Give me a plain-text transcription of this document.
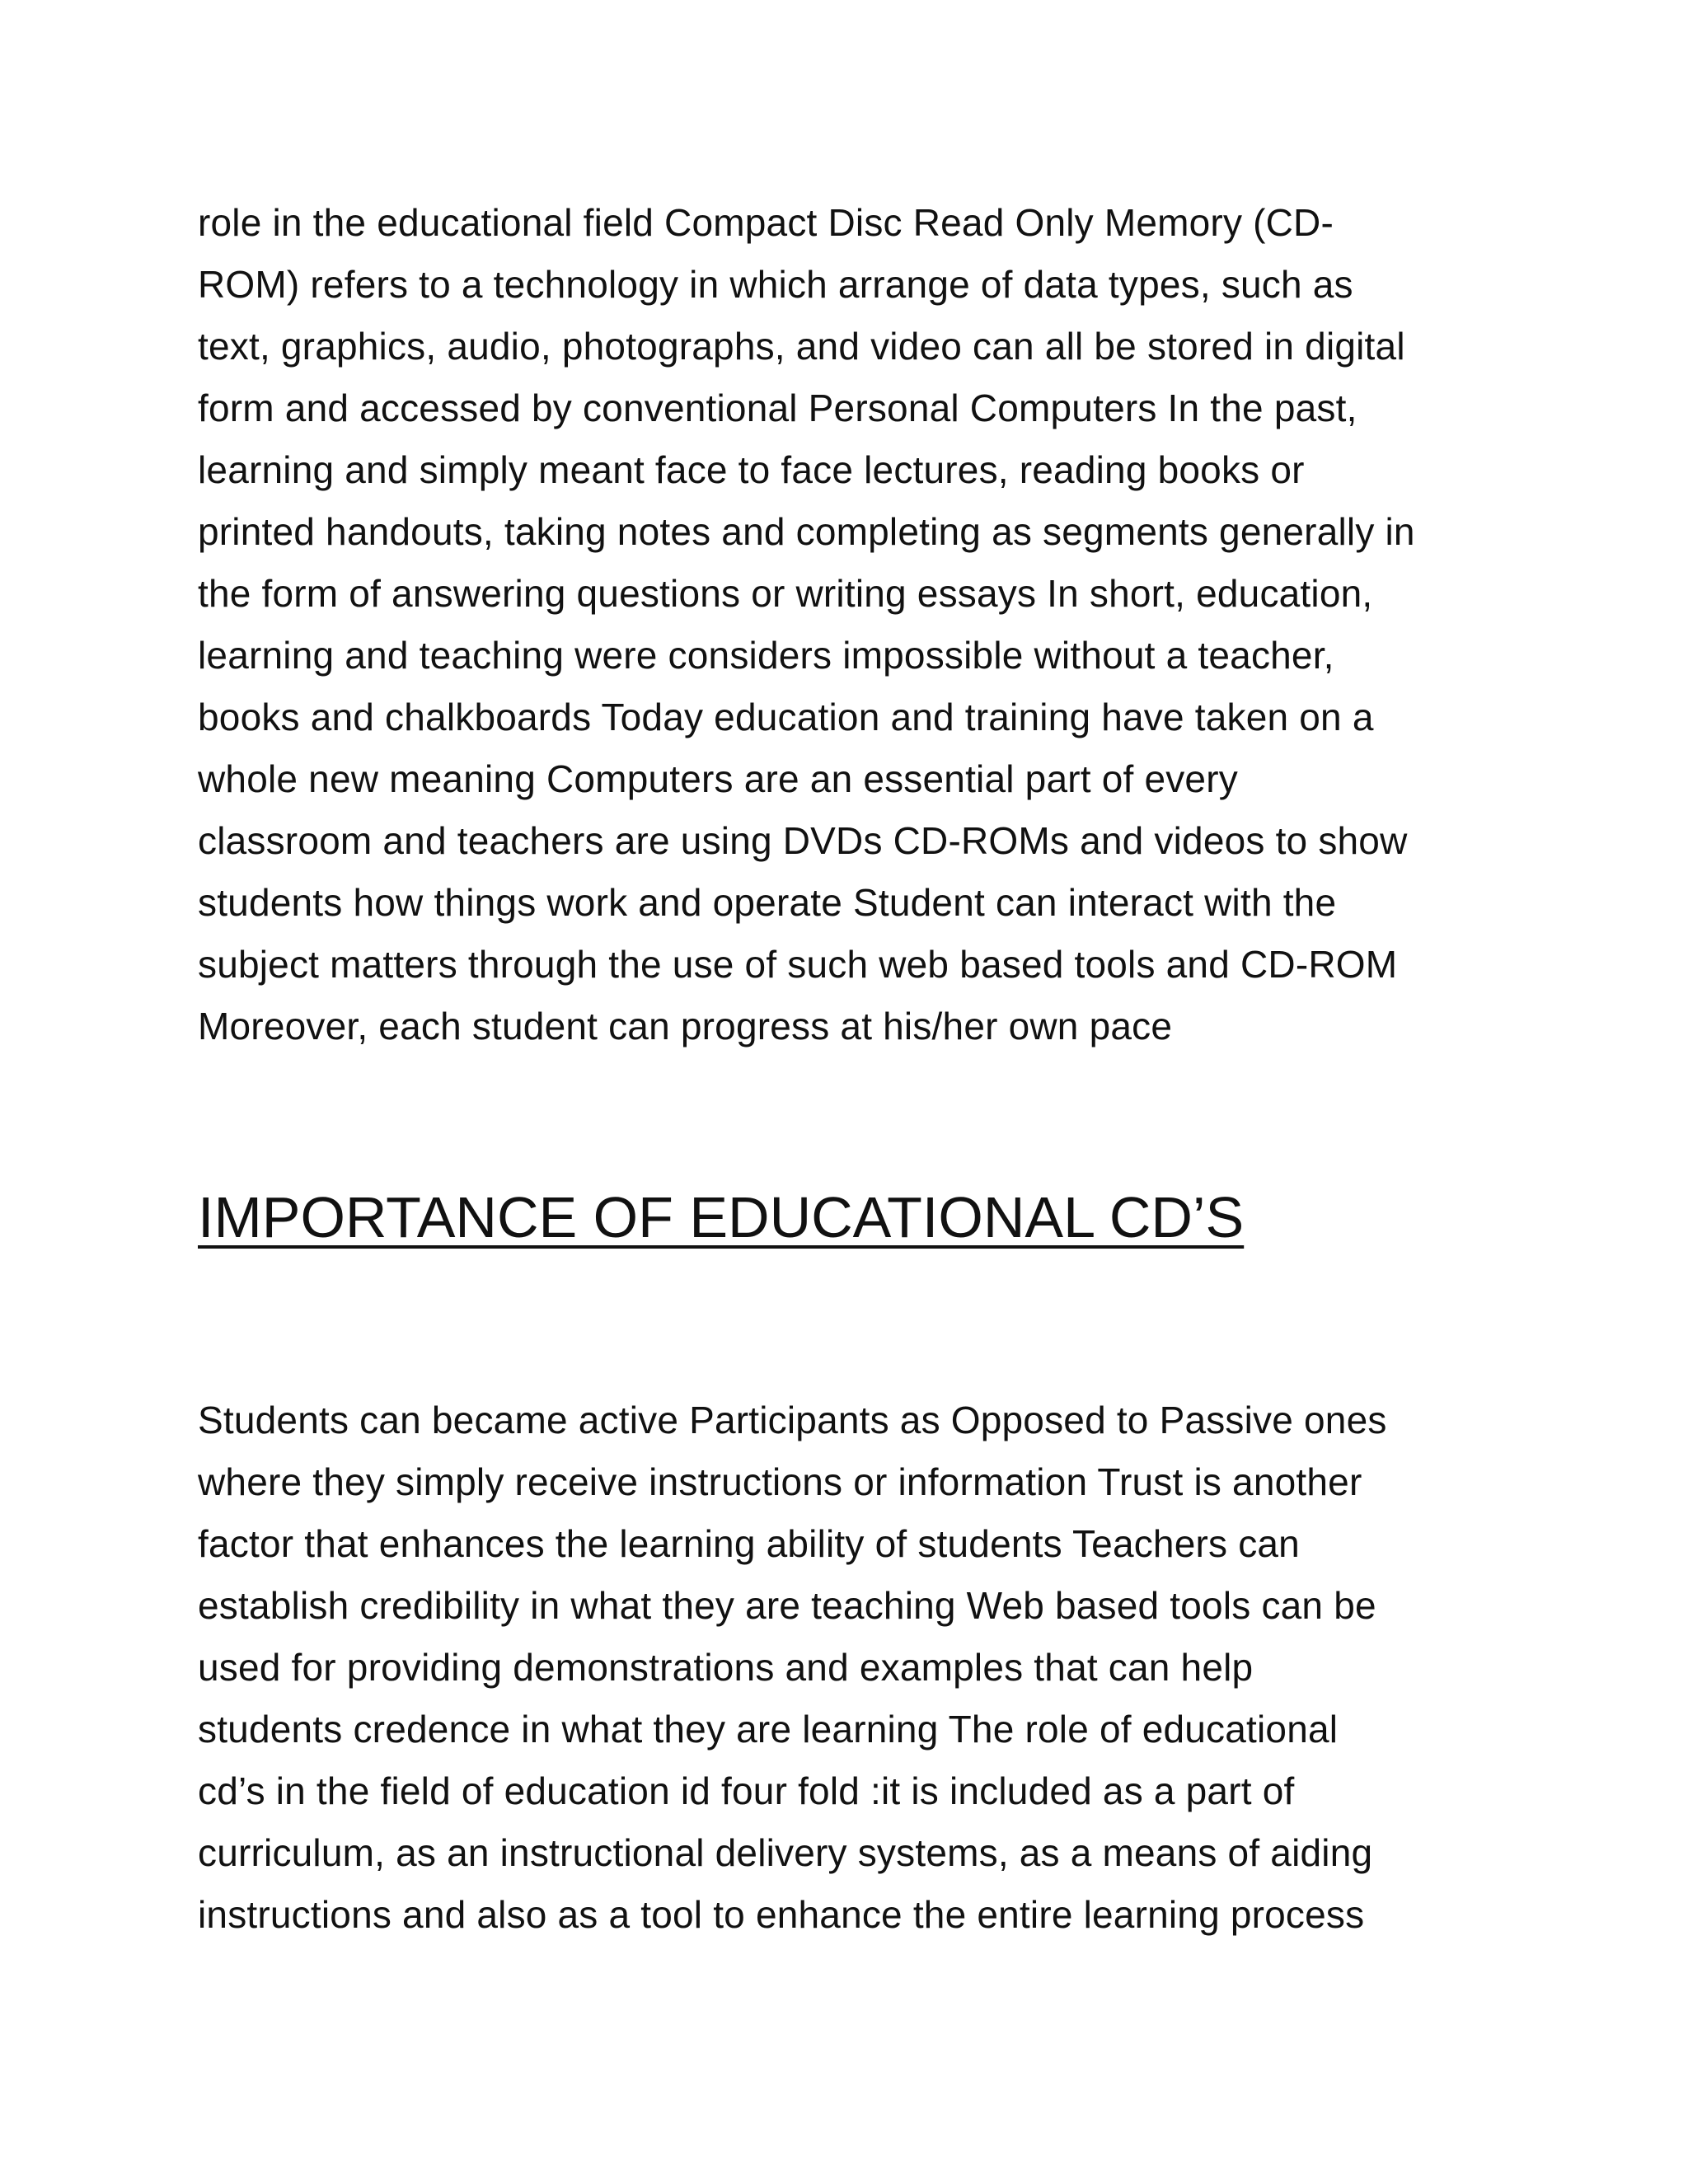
role in the educational field Compact Disc Read Only Memory (CD-
ROM) refers to a technology in which arrange of data types, such as
text, graphics, audio, photographs, and video can all be stored in digital
form and accessed by conventional Personal Computers In the past,
learning and simply meant face to face lectures, reading books or
printed handouts, taking notes and completing as segments generally in
the form of answering questions or writing essays In short, education,
learning and teaching were considers impossible without a teacher,
books and chalkboards Today education and training have taken on a
whole new meaning Computers are an essential part of every
classroom and teachers are using DVDs CD-ROMs and videos to show
students how things work and operate Student can interact with the
subject matters through the use of such web based tools and CD-ROM
Moreover, each student can progress at his/her own pace

IMPORTANCE OF EDUCATIONAL CD’S

Students can became active Participants as Opposed to Passive ones
where they simply receive instructions or information Trust is another
factor that enhances the learning ability of students Teachers can
establish credibility in what they are teaching Web based tools can be
used for providing demonstrations and examples that can help
students credence in what they are learning The role of educational
cd’s in the field of education id four fold :it is included as a part of
curriculum, as an instructional delivery systems, as a means of aiding
instructions and also as a tool to enhance the entire learning process
